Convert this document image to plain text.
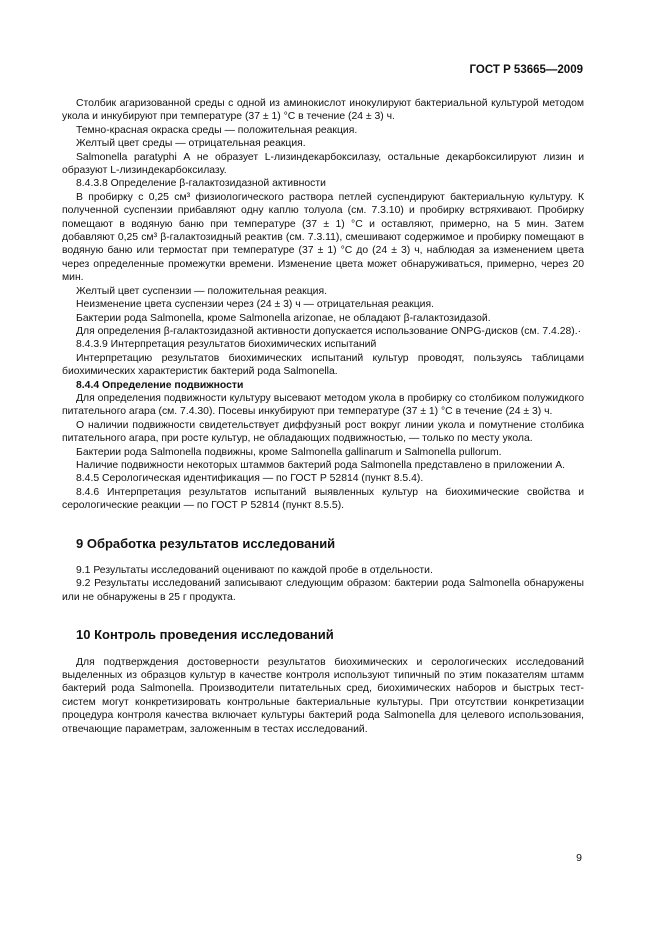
ГОСТ Р 53665—2009

Столбик агаризованной среды с одной из аминокислот инокулируют бактериальной культурой методом укола и инкубируют при температуре (37 ± 1) °С в течение (24 ± 3) ч.

Темно-красная окраска среды — положительная реакция.

Желтый цвет среды — отрицательная реакция.

Salmonella paratyphi А не образует L-лизиндекарбоксилазу, остальные декарбоксилируют лизин и образуют L-лизиндекарбоксилазу.

8.4.3.8 Определение β-галактозидазной активности

В пробирку с 0,25 см³ физиологического раствора петлей суспендируют бактериальную культуру. К полученной суспензии прибавляют одну каплю толуола (см. 7.3.10) и пробирку встряхивают. Пробирку помещают в водяную баню при температуре (37 ± 1) °С и оставляют, примерно, на 5 мин. Затем добавляют 0,25 см³ β-галактозидный реактив (см. 7.3.11), смешивают содержимое и пробирку помещают в водяную баню или термостат при температуре (37 ± 1) °С до (24 ± 3) ч, наблюдая за изменением цвета через определенные промежутки времени. Изменение цвета может обнаруживаться, примерно, через 20 мин.

Желтый цвет суспензии — положительная реакция.

Неизменение цвета суспензии через (24 ± 3) ч — отрицательная реакция.

Бактерии рода Salmonella, кроме Salmonella arizonae, не обладают β-галактозидазой.

Для определения β-галактозидазной активности допускается использование ONPG-дисков (см. 7.4.28).·

8.4.3.9 Интерпретация результатов биохимических испытаний

Интерпретацию результатов биохимических испытаний культур проводят, пользуясь таблицами биохимических характеристик бактерий рода Salmonella.

8.4.4 Определение подвижности

Для определения подвижности культуру высевают методом укола в пробирку со столбиком полужидкого питательного агара (см. 7.4.30). Посевы инкубируют при температуре (37 ± 1) °С в течение (24 ± 3) ч.

О наличии подвижности свидетельствует диффузный рост вокруг линии укола и помутнение столбика питательного агара, при росте культур, не обладающих подвижностью, — только по месту укола.

Бактерии рода Salmonella подвижны, кроме Salmonella gallinarum и Salmonella pullorum.

Наличие подвижности некоторых штаммов бактерий рода Salmonella представлено в приложении А.

8.4.5 Серологическая идентификация — по ГОСТ Р 52814 (пункт 8.5.4).

8.4.6 Интерпретация результатов испытаний выявленных культур на биохимические свойства и серологические реакции — по ГОСТ Р 52814 (пункт 8.5.5).

9 Обработка результатов исследований

9.1 Результаты исследований оценивают по каждой пробе в отдельности.

9.2 Результаты исследований записывают следующим образом: бактерии рода Salmonella обнаружены или не обнаружены в 25 г продукта.

10 Контроль проведения исследований

Для подтверждения достоверности результатов биохимических и серологических исследований выделенных из образцов культур в качестве контроля используют типичный по этим показателям штамм бактерий рода Salmonella. Производители питательных сред, биохимических наборов и быстрых тест-систем могут конкретизировать контрольные бактериальные культуры. При отсутствии конкретизации процедура контроля качества включает культуры бактерий рода Salmonella для целевого использования, отвечающие параметрам, заложенным в тестах исследований.

9
